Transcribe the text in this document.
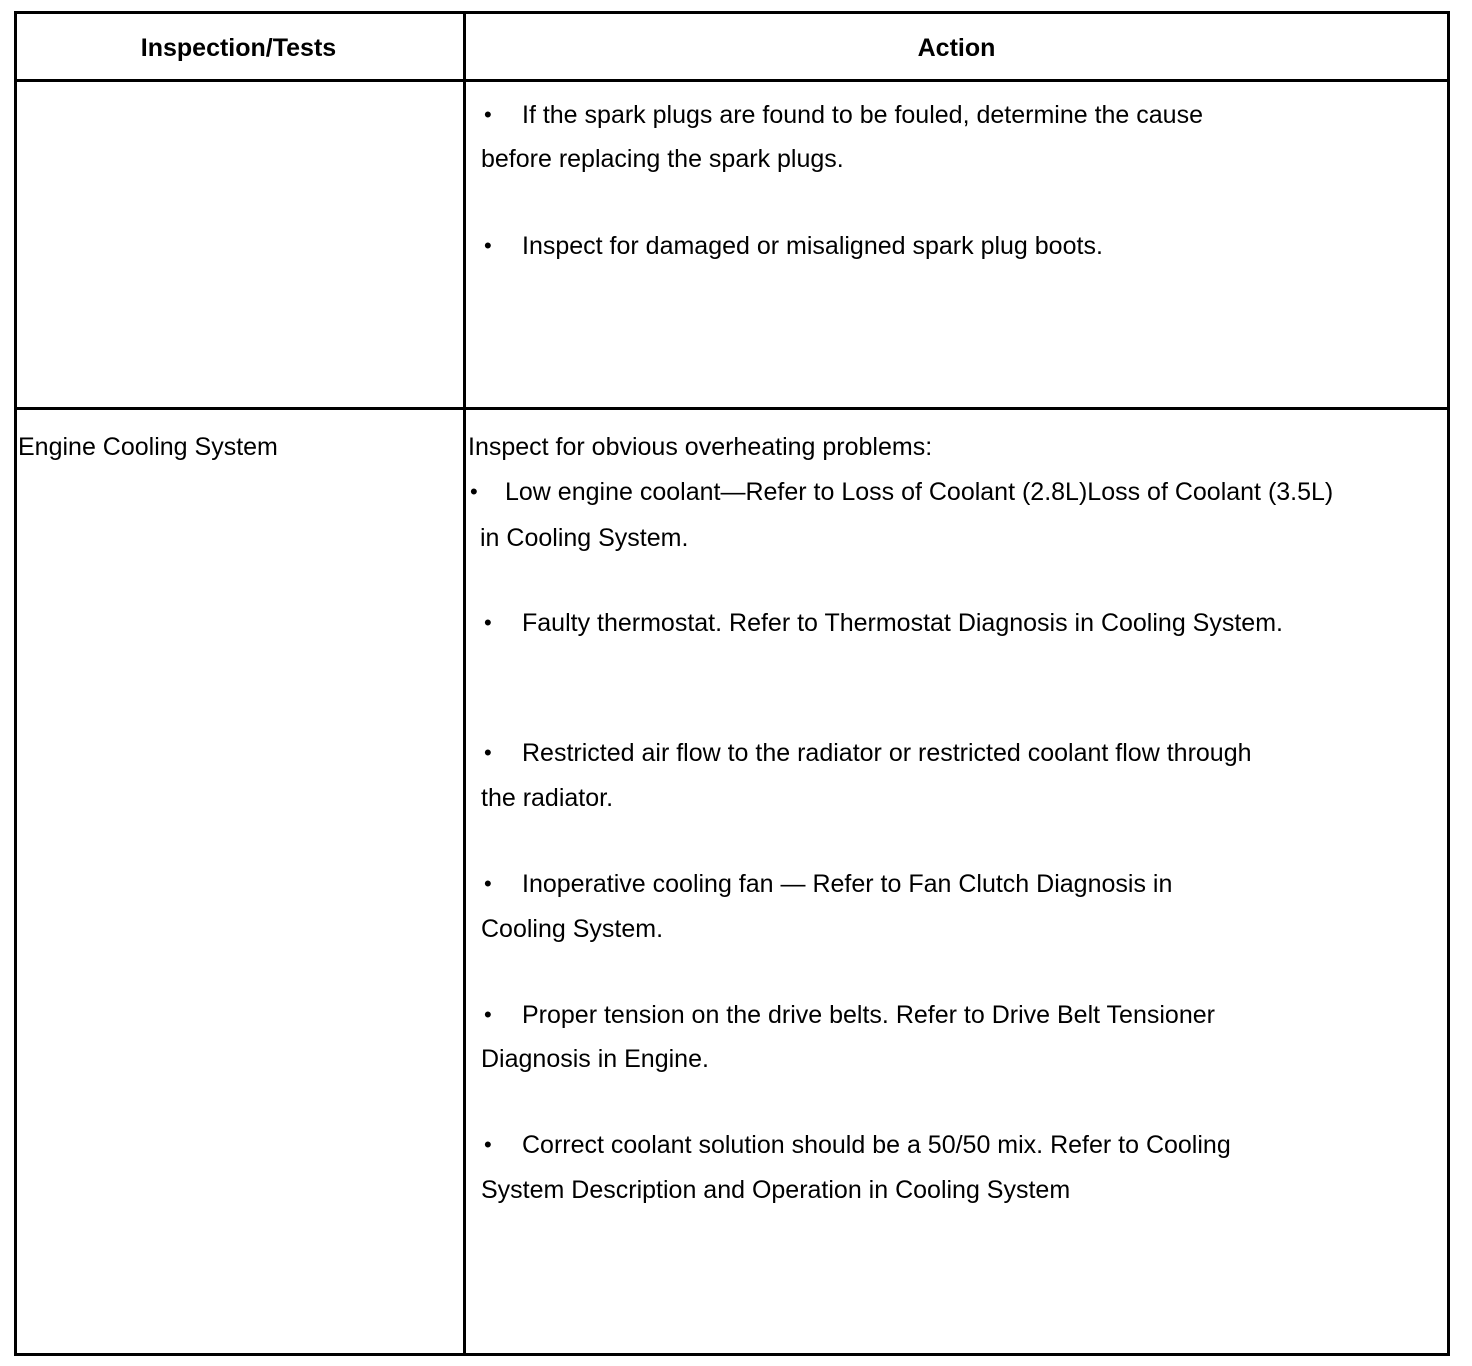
Inspection/Tests	Action
• If the spark plugs are found to be fouled, determine the cause
before replacing the spark plugs.
• Inspect for damaged or misaligned spark plug boots.
Engine Cooling System	Inspect for obvious overheating problems:
• Low engine coolant—Refer to Loss of Coolant (2.8L)Loss of Coolant (3.5L)
in Cooling System.
• Faulty thermostat. Refer to Thermostat Diagnosis in Cooling System.
• Restricted air flow to the radiator or restricted coolant flow through
the radiator.
• Inoperative cooling fan — Refer to Fan Clutch Diagnosis in
Cooling System.
• Proper tension on the drive belts. Refer to Drive Belt Tensioner
Diagnosis in Engine.
• Correct coolant solution should be a 50/50 mix. Refer to Cooling
System Description and Operation in Cooling System
